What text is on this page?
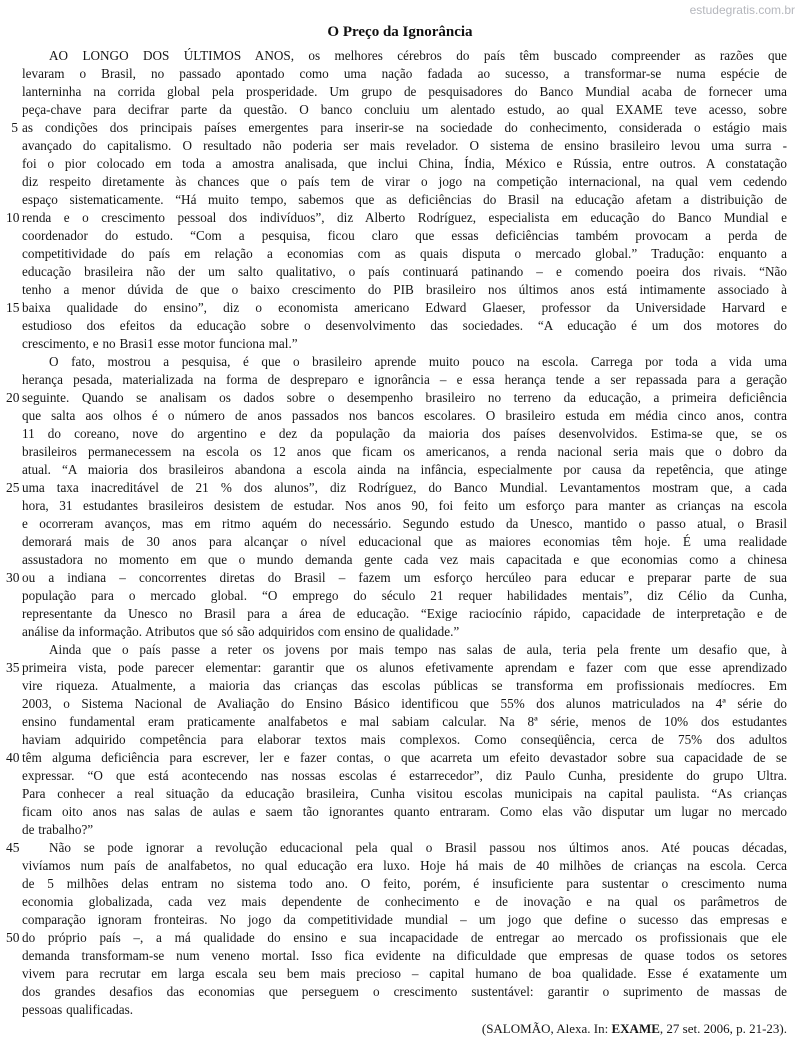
estudegratis.com.br
O Preço da Ignorância
AO LONGO DOS ÚLTIMOS ANOS, os melhores cérebros do país têm buscado compreender as razões que
levaram o Brasil, no passado apontado como uma nação fadada ao sucesso, a transformar-se numa espécie de
lanterninha na corrida global pela prosperidade. Um grupo de pesquisadores do Banco Mundial acaba de fornecer uma
peça-chave para decifrar parte da questão. O banco concluiu um alentado estudo, ao qual EXAME teve acesso, sobre
5 as condições dos principais países emergentes para inserir-se na sociedade do conhecimento, considerada o estágio mais
avançado do capitalismo. O resultado não poderia ser mais revelador. O sistema de ensino brasileiro levou uma surra -
foi o pior colocado em toda a amostra analisada, que inclui China, Índia, México e Rússia, entre outros. A constatação
diz respeito diretamente às chances que o país tem de virar o jogo na competição internacional, na qual vem cedendo
espaço sistematicamente. “Há muito tempo, sabemos que as deficiências do Brasil na educação afetam a distribuição de
10 renda e o crescimento pessoal dos indivíduos”, diz Alberto Rodríguez, especialista em educação do Banco Mundial e
coordenador do estudo. “Com a pesquisa, ficou claro que essas deficiências também provocam a perda de
competitividade do país em relação a economias com as quais disputa o mercado global.” Tradução: enquanto a
educação brasileira não der um salto qualitativo, o país continuará patinando – e comendo poeira dos rivais. “Não
tenho a menor dúvida de que o baixo crescimento do PIB brasileiro nos últimos anos está intimamente associado à
15 baixa qualidade do ensino”, diz o economista americano Edward Glaeser, professor da Universidade Harvard e
estudioso dos efeitos da educação sobre o desenvolvimento das sociedades. “A educação é um dos motores do
crescimento, e no Brasi1 esse motor funciona mal.”
O fato, mostrou a pesquisa, é que o brasileiro aprende muito pouco na escola. Carrega por toda a vida uma
herança pesada, materializada na forma de despreparo e ignorância – e essa herança tende a ser repassada para a geração
20 seguinte. Quando se analisam os dados sobre o desempenho brasileiro no terreno da educação, a primeira deficiência
que salta aos olhos é o número de anos passados nos bancos escolares. O brasileiro estuda em média cinco anos, contra
11 do coreano, nove do argentino e dez da população da maioria dos países desenvolvidos. Estima-se que, se os
brasileiros permanecessem na escola os 12 anos que ficam os americanos, a renda nacional seria mais que o dobro da
atual. “A maioria dos brasileiros abandona a escola ainda na infância, especialmente por causa da repetência, que atinge
25 uma taxa inacreditável de 21 % dos alunos”, diz Rodríguez, do Banco Mundial. Levantamentos mostram que, a cada
hora, 31 estudantes brasileiros desistem de estudar. Nos anos 90, foi feito um esforço para manter as crianças na escola
e ocorreram avanços, mas em ritmo aquém do necessário. Segundo estudo da Unesco, mantido o passo atual, o Brasil
demorará mais de 30 anos para alcançar o nível educacional que as maiores economias têm hoje. É uma realidade
assustadora no momento em que o mundo demanda gente cada vez mais capacitada e que economias como a chinesa
30 ou a indiana – concorrentes diretas do Brasil – fazem um esforço hercúleo para educar e preparar parte de sua
população para o mercado global. “O emprego do século 21 requer habilidades mentais”, diz Célio da Cunha,
representante da Unesco no Brasil para a área de educação. “Exige raciocínio rápido, capacidade de interpretação e de
análise da informação. Atributos que só são adquiridos com ensino de qualidade.”
Ainda que o país passe a reter os jovens por mais tempo nas salas de aula, teria pela frente um desafio que, à
35 primeira vista, pode parecer elementar: garantir que os alunos efetivamente aprendam e fazer com que esse aprendizado
vire riqueza. Atualmente, a maioria das crianças das escolas públicas se transforma em profissionais medíocres. Em
2003, o Sistema Nacional de Avaliação do Ensino Básico identificou que 55% dos alunos matriculados na 4ª série do
ensino fundamental eram praticamente analfabetos e mal sabiam calcular. Na 8ª série, menos de 10% dos estudantes
haviam adquirido competência para elaborar textos mais complexos. Como conseqüência, cerca de 75% dos adultos
40 têm alguma deficiência para escrever, ler e fazer contas, o que acarreta um efeito devastador sobre sua capacidade de se
expressar. “O que está acontecendo nas nossas escolas é estarrecedor”, diz Paulo Cunha, presidente do grupo Ultra.
Para conhecer a real situação da educação brasileira, Cunha visitou escolas municipais na capital paulista. “As crianças
ficam oito anos nas salas de aulas e saem tão ignorantes quanto entraram. Como elas vão disputar um lugar no mercado
de trabalho?”
45	Não se pode ignorar a revolução educacional pela qual o Brasil passou nos últimos anos. Até poucas décadas,
vivíamos num país de analfabetos, no qual educação era luxo. Hoje há mais de 40 milhões de crianças na escola. Cerca
de 5 milhões delas entram no sistema todo ano. O feito, porém, é insuficiente para sustentar o crescimento numa
economia globalizada, cada vez mais dependente de conhecimento e de inovação e na qual os parâmetros de
comparação ignoram fronteiras. No jogo da competitividade mundial – um jogo que define o sucesso das empresas e
50 do próprio país –, a má qualidade do ensino e sua incapacidade de entregar ao mercado os profissionais que ele
demanda transformam-se num veneno mortal. Isso fica evidente na dificuldade que empresas de quase todos os setores
vivem para recrutar em larga escala seu bem mais precioso – capital humano de boa qualidade. Esse é exatamente um
dos grandes desafios das economias que perseguem o crescimento sustentável: garantir o suprimento de massas de
pessoas qualificadas.
(SALOMÃO, Alexa. In: EXAME, 27 set. 2006, p. 21-23).
